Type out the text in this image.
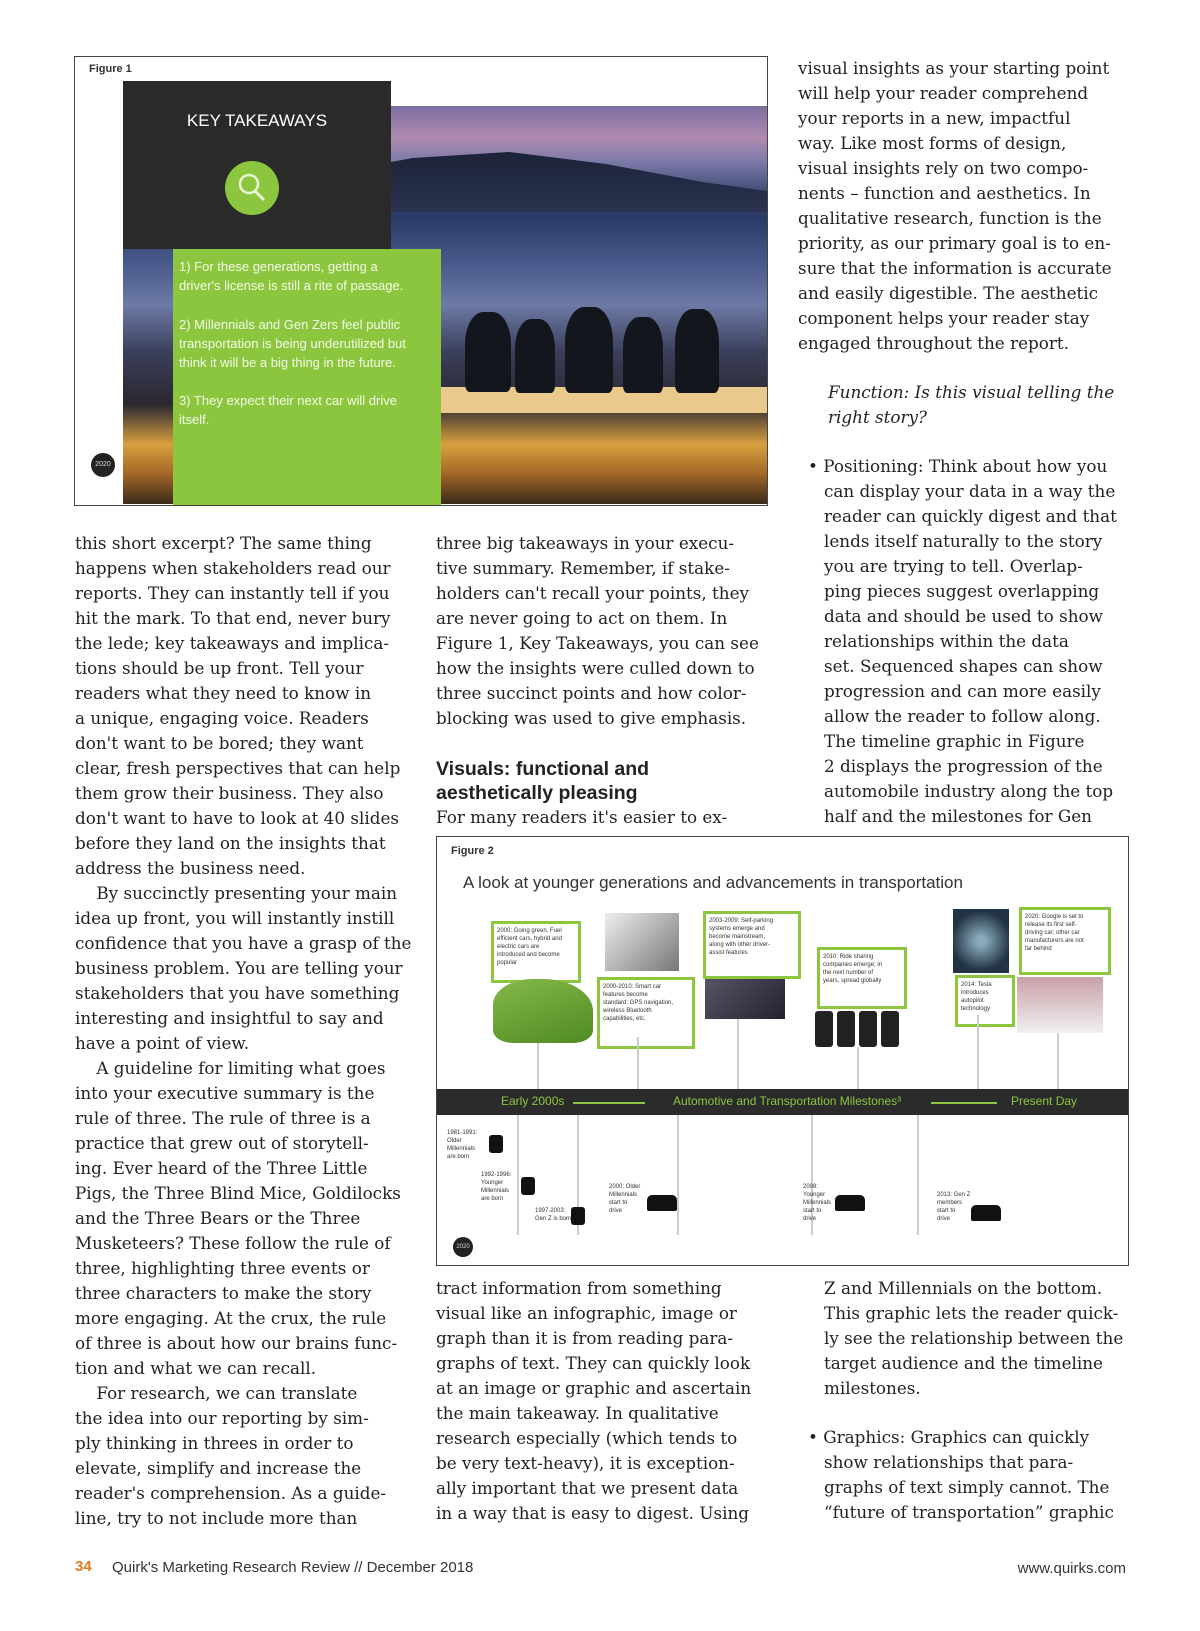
Figure 1
KEY TAKEAWAYS
1) For these generations, getting a
driver's license is still a rite of passage.
2) Millennials and Gen Zers feel public
transportation is being underutilized but
think it will be a big thing in the future.
3) They expect their next car will drive
itself.
2020
visual insights as your starting point
will help your reader comprehend
your reports in a new, impactful
way. Like most forms of design,
visual insights rely on two compo-
nents – function and aesthetics. In
qualitative research, function is the
priority, as our primary goal is to en-
sure that the information is accurate
and easily digestible. The aesthetic
component helps your reader stay
engaged throughout the report.
Function: Is this visual telling the
right story?
• Positioning: Think about how you
can display your data in a way the
reader can quickly digest and that
lends itself naturally to the story
you are trying to tell. Overlap-
ping pieces suggest overlapping
data and should be used to show
relationships within the data
set. Sequenced shapes can show
progression and can more easily
allow the reader to follow along.
The timeline graphic in Figure
2 displays the progression of the
automobile industry along the top
half and the milestones for Gen
this short excerpt? The same thing
happens when stakeholders read our
reports. They can instantly tell if you
hit the mark. To that end, never bury
the lede; key takeaways and implica-
tions should be up front. Tell your
readers what they need to know in
a unique, engaging voice. Readers
don't want to be bored; they want
clear, fresh perspectives that can help
them grow their business. They also
don't want to have to look at 40 slides
before they land on the insights that
address the business need.
By succinctly presenting your main
idea up front, you will instantly instill
confidence that you have a grasp of the
business problem. You are telling your
stakeholders that you have something
interesting and insightful to say and
have a point of view.
A guideline for limiting what goes
into your executive summary is the
rule of three. The rule of three is a
practice that grew out of storytell-
ing. Ever heard of the Three Little
Pigs, the Three Blind Mice, Goldilocks
and the Three Bears or the Three
Musketeers? These follow the rule of
three, highlighting three events or
three characters to make the story
more engaging. At the crux, the rule
of three is about how our brains func-
tion and what we can recall.
For research, we can translate
the idea into our reporting by sim-
ply thinking in threes in order to
elevate, simplify and increase the
reader's comprehension. As a guide-
line, try to not include more than
three big takeaways in your execu-
tive summary. Remember, if stake-
holders can't recall your points, they
are never going to act on them. In
Figure 1, Key Takeaways, you can see
how the insights were culled down to
three succinct points and how color-
blocking was used to give emphasis.
Visuals: functional and
aesthetically pleasing
For many readers it's easier to ex-
Figure 2
A look at younger generations and advancements in transportation
2000: Going green. Fuel
efficient cars, hybrid and
electric cars are
introduced and become
popular
2000-2010: Smart car
features become
standard: GPS navigation,
wireless Bluetooth
capabilities, etc.
2003-2009: Self-parking
systems emerge and
become mainstream,
along with other driver-
assist features
2010: Ride sharing
companies emerge; in
the next number of
years, spread globally
2014: Tesla
introduces
autopilot
technology
2020: Google is set to
release its first self-
driving car; other car
manufacturers are not
far behind
Early 2000s	Automotive and Transportation Milestones³	Present Day
1981-1991:
Older
Millennials
are born
1992-1996:
Younger
Millennials
are born
1997-2003:
Gen Z is born
2000: Older
Millennials
start to
drive
2008:
Younger
Millennials
start to
drive
2013: Gen Z
members
start to
drive
2020
tract information from something
visual like an infographic, image or
graph than it is from reading para-
graphs of text. They can quickly look
at an image or graphic and ascertain
the main takeaway. In qualitative
research especially (which tends to
be very text-heavy), it is exception-
ally important that we present data
in a way that is easy to digest. Using
Z and Millennials on the bottom.
This graphic lets the reader quick-
ly see the relationship between the
target audience and the timeline
milestones.
• Graphics: Graphics can quickly
show relationships that para-
graphs of text simply cannot. The
“future of transportation” graphic
34 Quirk's Marketing Research Review // December 2018	www.quirks.com
